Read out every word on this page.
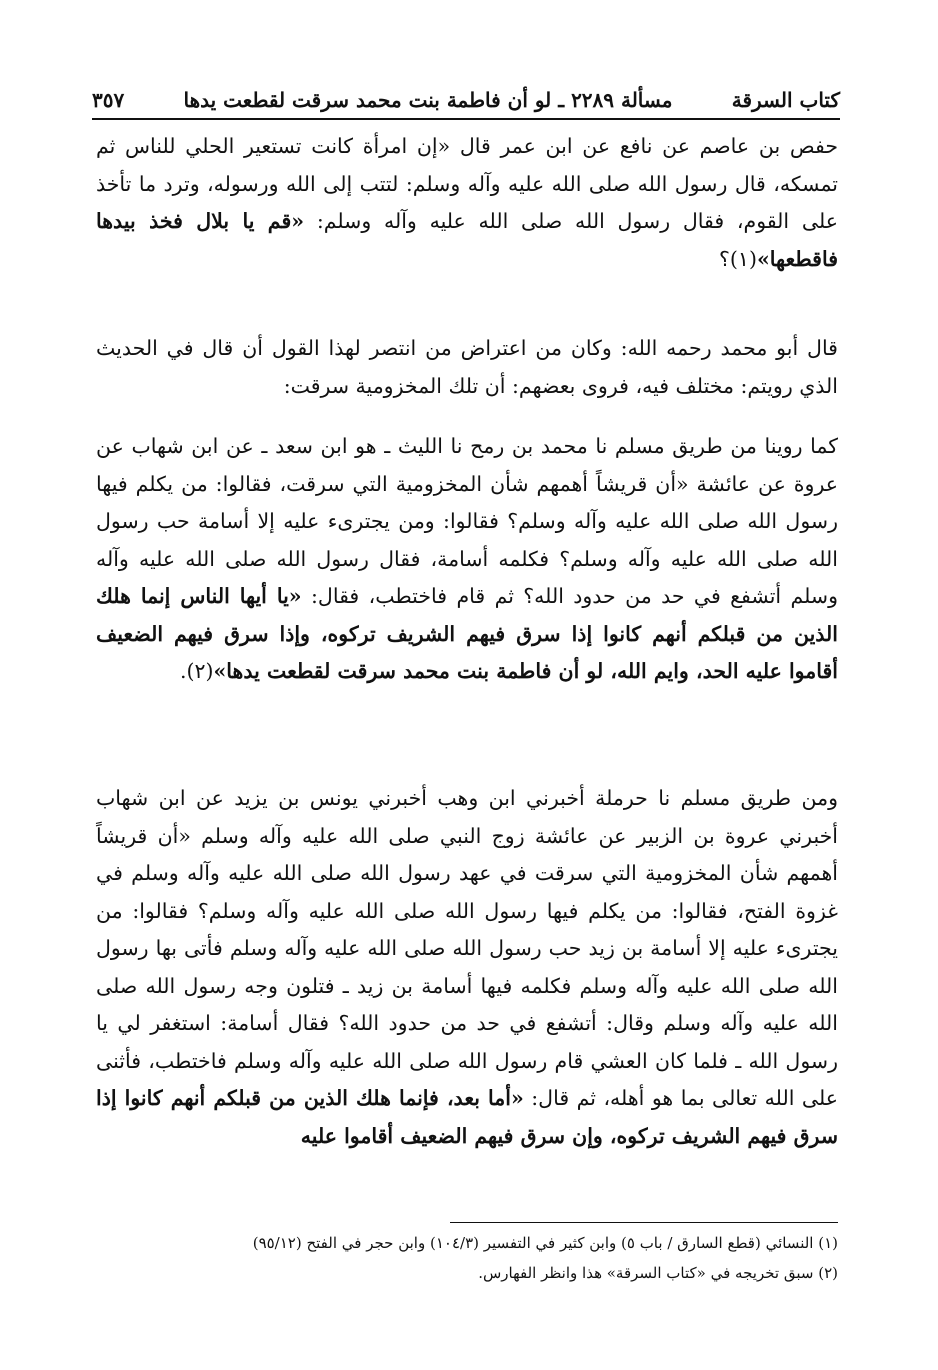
كتاب السرقة
مسألة ٢٢٨٩ ـ لو أن فاطمة بنت محمد سرقت لقطعت يدها
٣٥٧

حفص بن عاصم عن نافع عن ابن عمر قال «إن امرأة كانت تستعير الحلي للناس ثم تمسكه، قال رسول الله صلى الله عليه وآله وسلم: لتتب إلى الله ورسوله، وترد ما تأخذ على القوم، فقال رسول الله صلى الله عليه وآله وسلم: «قم يا بلال فخذ بيدها فاقطعها»(١)؟

قال أبو محمد رحمه الله: وكان من اعتراض من انتصر لهذا القول أن قال في الحديث الذي رويتم: مختلف فيه، فروى بعضهم: أن تلك المخزومية سرقت:

كما روينا من طريق مسلم نا محمد بن رمح نا الليث ـ هو ابن سعد ـ عن ابن شهاب عن عروة عن عائشة «أن قريشاً أهمهم شأن المخزومية التي سرقت، فقالوا: من يكلم فيها رسول الله صلى الله عليه وآله وسلم؟ فقالوا: ومن يجترىء عليه إلا أسامة حب رسول الله صلى الله عليه وآله وسلم؟ فكلمه أسامة، فقال رسول الله صلى الله عليه وآله وسلم أتشفع في حد من حدود الله؟ ثم قام فاختطب، فقال: «يا أيها الناس إنما هلك الذين من قبلكم أنهم كانوا إذا سرق فيهم الشريف تركوه، وإذا سرق فيهم الضعيف أقاموا عليه الحد، وايم الله، لو أن فاطمة بنت محمد سرقت لقطعت يدها»(٢).

ومن طريق مسلم نا حرملة أخبرني ابن وهب أخبرني يونس بن يزيد عن ابن شهاب أخبرني عروة بن الزبير عن عائشة زوج النبي صلى الله عليه وآله وسلم «أن قريشاً أهمهم شأن المخزومية التي سرقت في عهد رسول الله صلى الله عليه وآله وسلم في غزوة الفتح، فقالوا: من يكلم فيها رسول الله صلى الله عليه وآله وسلم؟ فقالوا: من يجترىء عليه إلا أسامة بن زيد حب رسول الله صلى الله عليه وآله وسلم فأتى بها رسول الله صلى الله عليه وآله وسلم فكلمه فيها أسامة بن زيد ـ فتلون وجه رسول الله صلى الله عليه وآله وسلم وقال: أتشفع في حد من حدود الله؟ فقال أسامة: استغفر لي يا رسول الله ـ فلما كان العشي قام رسول الله صلى الله عليه وآله وسلم فاختطب، فأثنى على الله تعالى بما هو أهله، ثم قال: «أما بعد، فإنما هلك الذين من قبلكم أنهم كانوا إذا سرق فيهم الشريف تركوه، وإن سرق فيهم الضعيف أقاموا عليه

(١) النسائي (قطع السارق / باب ٥) وابن كثير في التفسير (١٠٤/٣) وابن حجر في الفتح (٩٥/١٢)
(٢) سبق تخريجه في «كتاب السرقة» هذا وانظر الفهارس.
